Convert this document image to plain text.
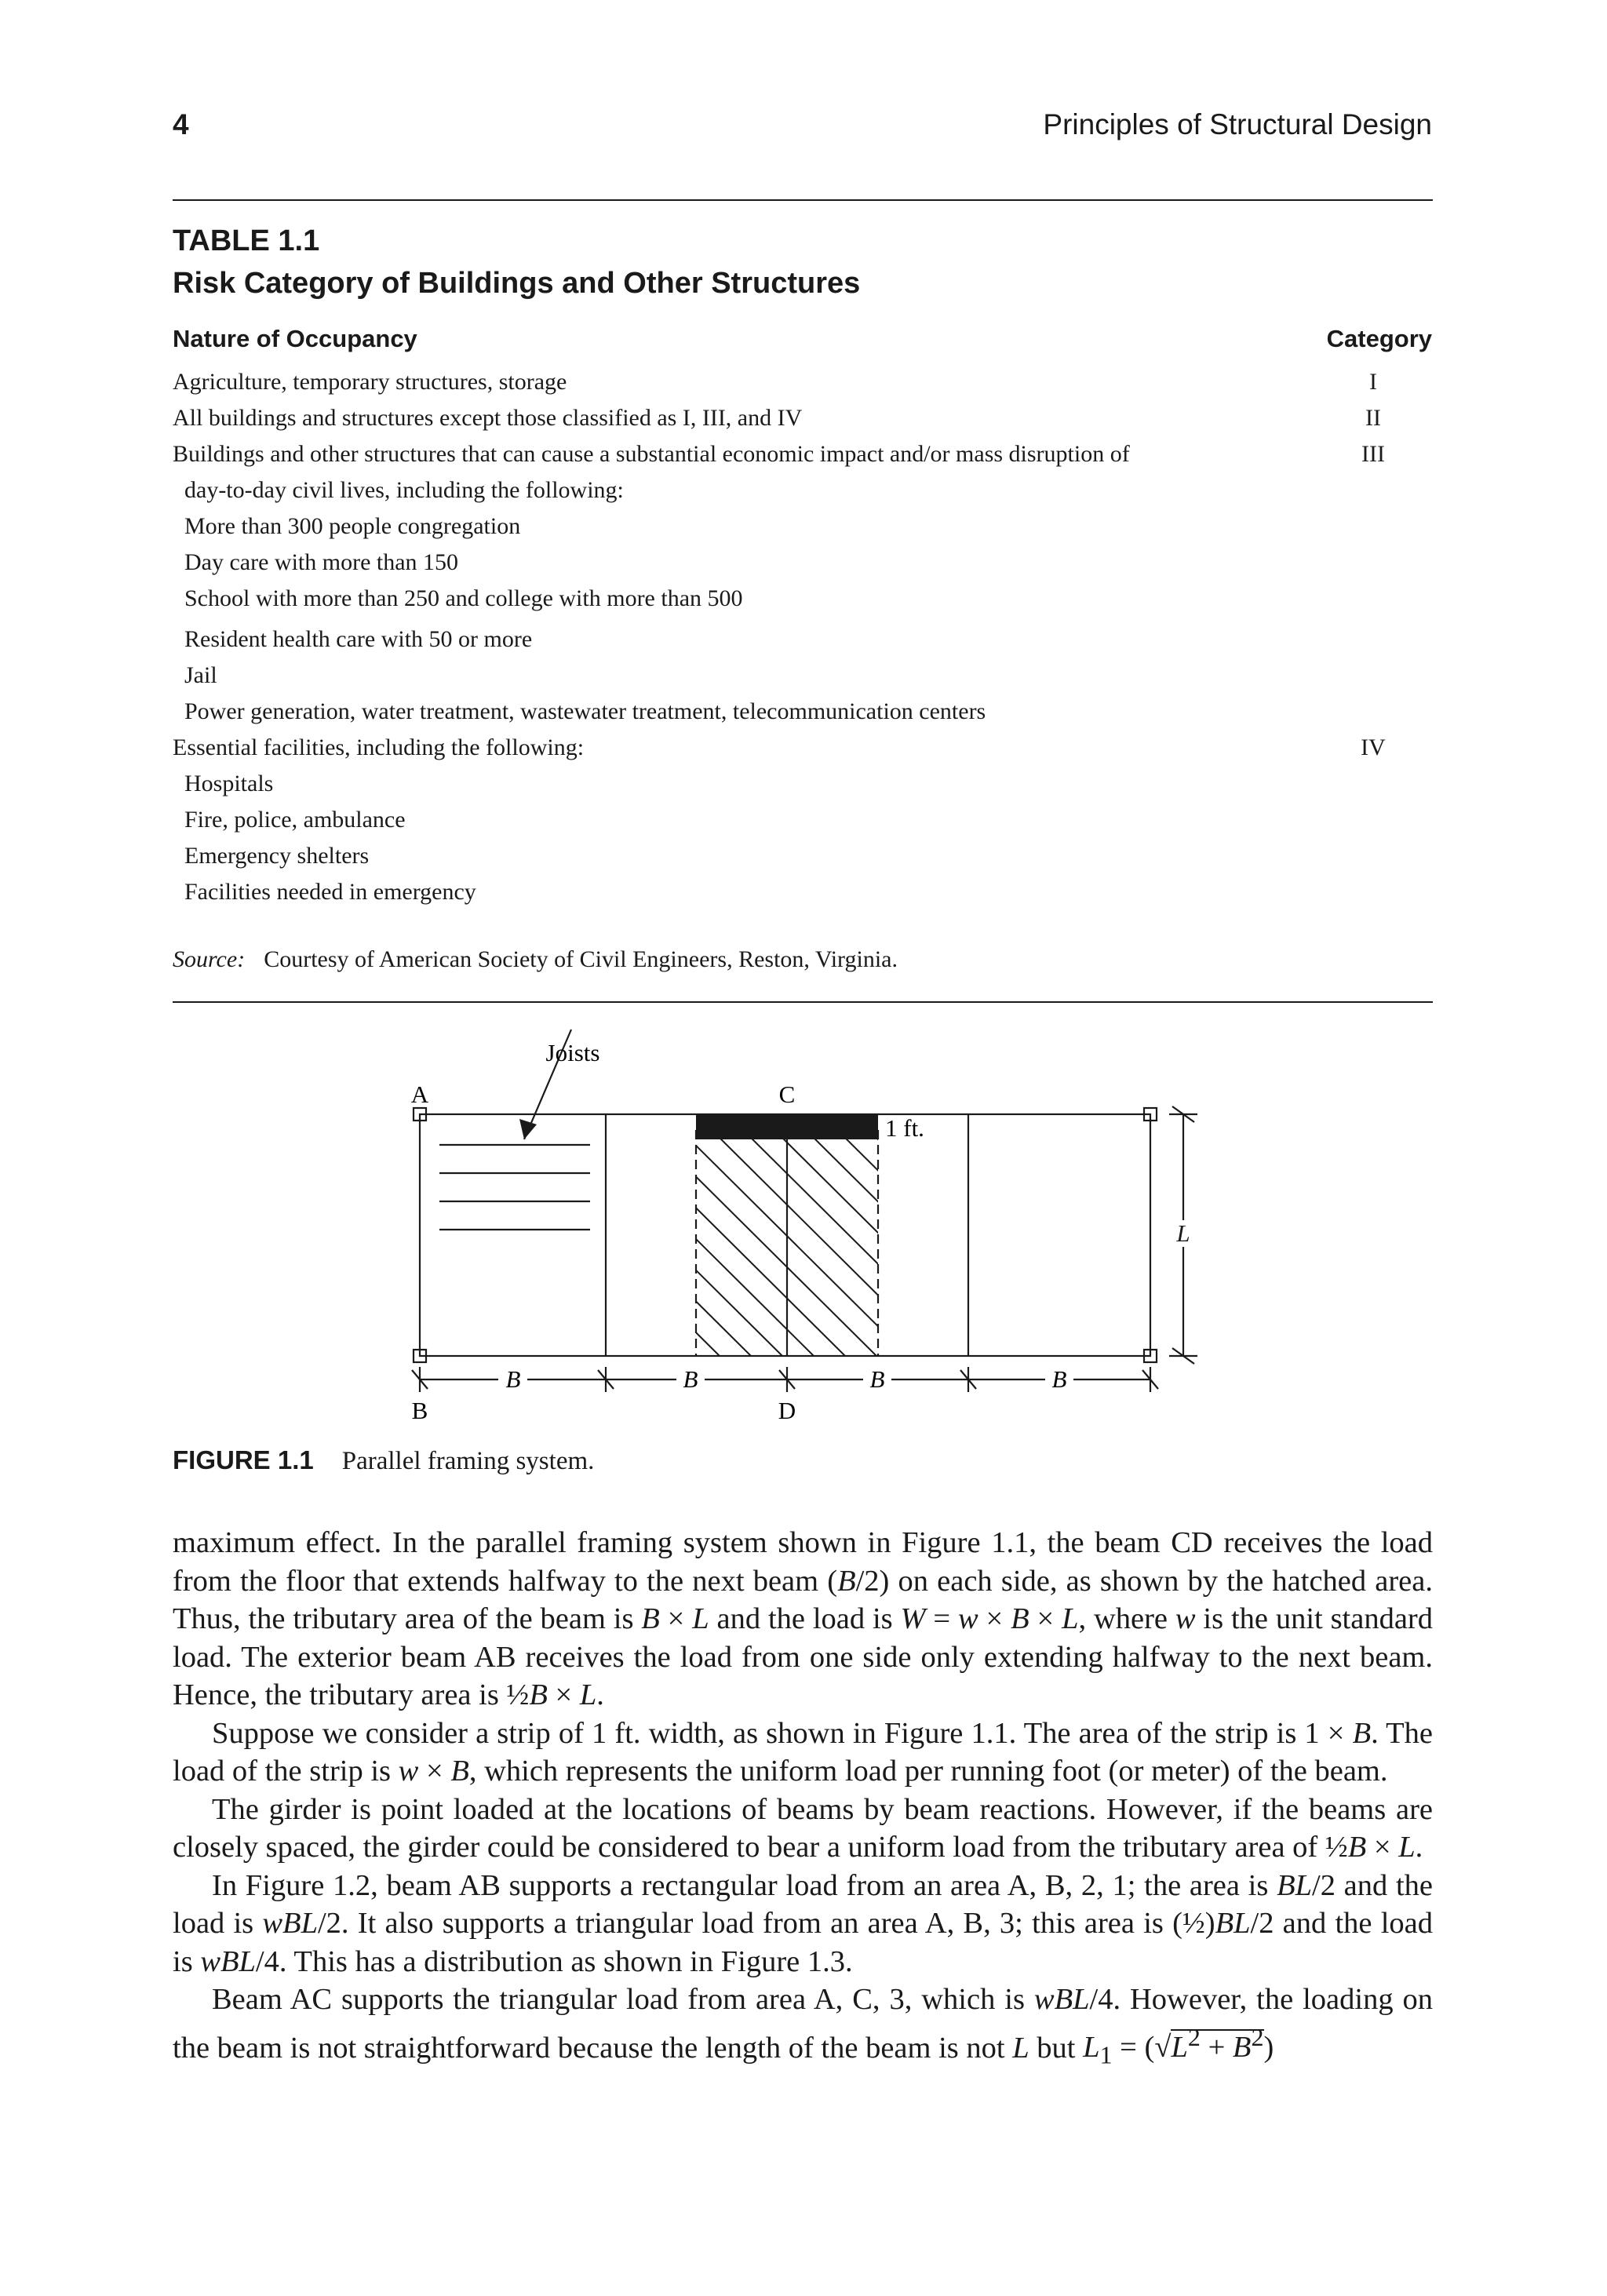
4	Principles of Structural Design
TABLE 1.1
Risk Category of Buildings and Other Structures
Nature of Occupancy	Category
Agriculture, temporary structures, storage	I
All buildings and structures except those classified as I, III, and IV	II
Buildings and other structures that can cause a substantial economic impact and/or mass disruption of	III
day-to-day civil lives, including the following:
More than 300 people congregation
Day care with more than 150
School with more than 250 and college with more than 500
Resident health care with 50 or more
Jail
Power generation, water treatment, wastewater treatment, telecommunication centers
Essential facilities, including the following:	IV
Hospitals
Fire, police, ambulance
Emergency shelters
Facilities needed in emergency
Source: Courtesy of American Society of Civil Engineers, Reston, Virginia.
Joists
A	C
1 ft.
L
B	D
B	B	B	B
FIGURE 1.1 Parallel framing system.

maximum effect. In the parallel framing system shown in Figure 1.1, the beam CD receives the load from the floor that extends halfway to the next beam (B/2) on each side, as shown by the hatched area. Thus, the tributary area of the beam is B × L and the load is W = w × B × L, where w is the unit standard load. The exterior beam AB receives the load from one side only extending halfway to the next beam. Hence, the tributary area is ½B × L.

Suppose we consider a strip of 1 ft. width, as shown in Figure 1.1. The area of the strip is 1 × B. The load of the strip is w × B, which represents the uniform load per running foot (or meter) of the beam.

The girder is point loaded at the locations of beams by beam reactions. However, if the beams are closely spaced, the girder could be considered to bear a uniform load from the tributary area of ½B × L.

In Figure 1.2, beam AB supports a rectangular load from an area A, B, 2, 1; the area is BL/2 and the load is wBL/2. It also supports a triangular load from an area A, B, 3; this area is (½)BL/2 and the load is wBL/4. This has a distribution as shown in Figure 1.3.

Beam AC supports the triangular load from area A, C, 3, which is wBL/4. However, the loading on the beam is not straightforward because the length of the beam is not L but $L_1 = (√L^2 + B^2)$
